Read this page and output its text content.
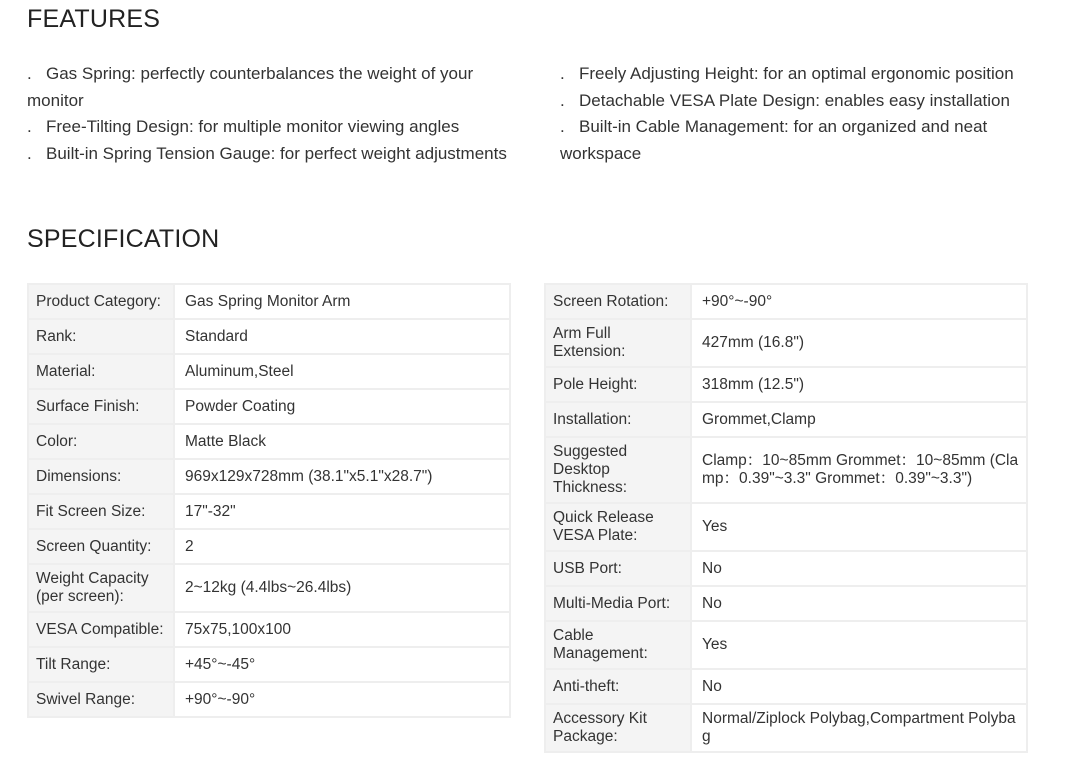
FEATURES
. Gas Spring: perfectly counterbalances the weight of your monitor
. Free-Tilting Design: for multiple monitor viewing angles
. Built-in Spring Tension Gauge: for perfect weight adjustments
. Freely Adjusting Height: for an optimal ergonomic position
. Detachable VESA Plate Design: enables easy installation
. Built-in Cable Management: for an organized and neat workspace
SPECIFICATION
Product Category:	Gas Spring Monitor Arm
Rank:	Standard
Material:	Aluminum,Steel
Surface Finish:	Powder Coating
Color:	Matte Black
Dimensions:	969x129x728mm (38.1"x5.1"x28.7")
Fit Screen Size:	17"-32"
Screen Quantity:	2
Weight Capacity (per screen):	2~12kg (4.4lbs~26.4lbs)
VESA Compatible:	75x75,100x100
Tilt Range:	+45°~-45°
Swivel Range:	+90°~-90°
Screen Rotation:	+90°~-90°
Arm Full Extension:	427mm (16.8")
Pole Height:	318mm (12.5")
Installation:	Grommet,Clamp
Suggested Desktop Thickness:	Clamp：10~85mm Grommet：10~85mm (Clamp：0.39"~3.3" Grommet：0.39"~3.3")
Quick Release VESA Plate:	Yes
USB Port:	No
Multi-Media Port:	No
Cable Management:	Yes
Anti-theft:	No
Accessory Kit Package:	Normal/Ziplock Polybag,Compartment Polybag
